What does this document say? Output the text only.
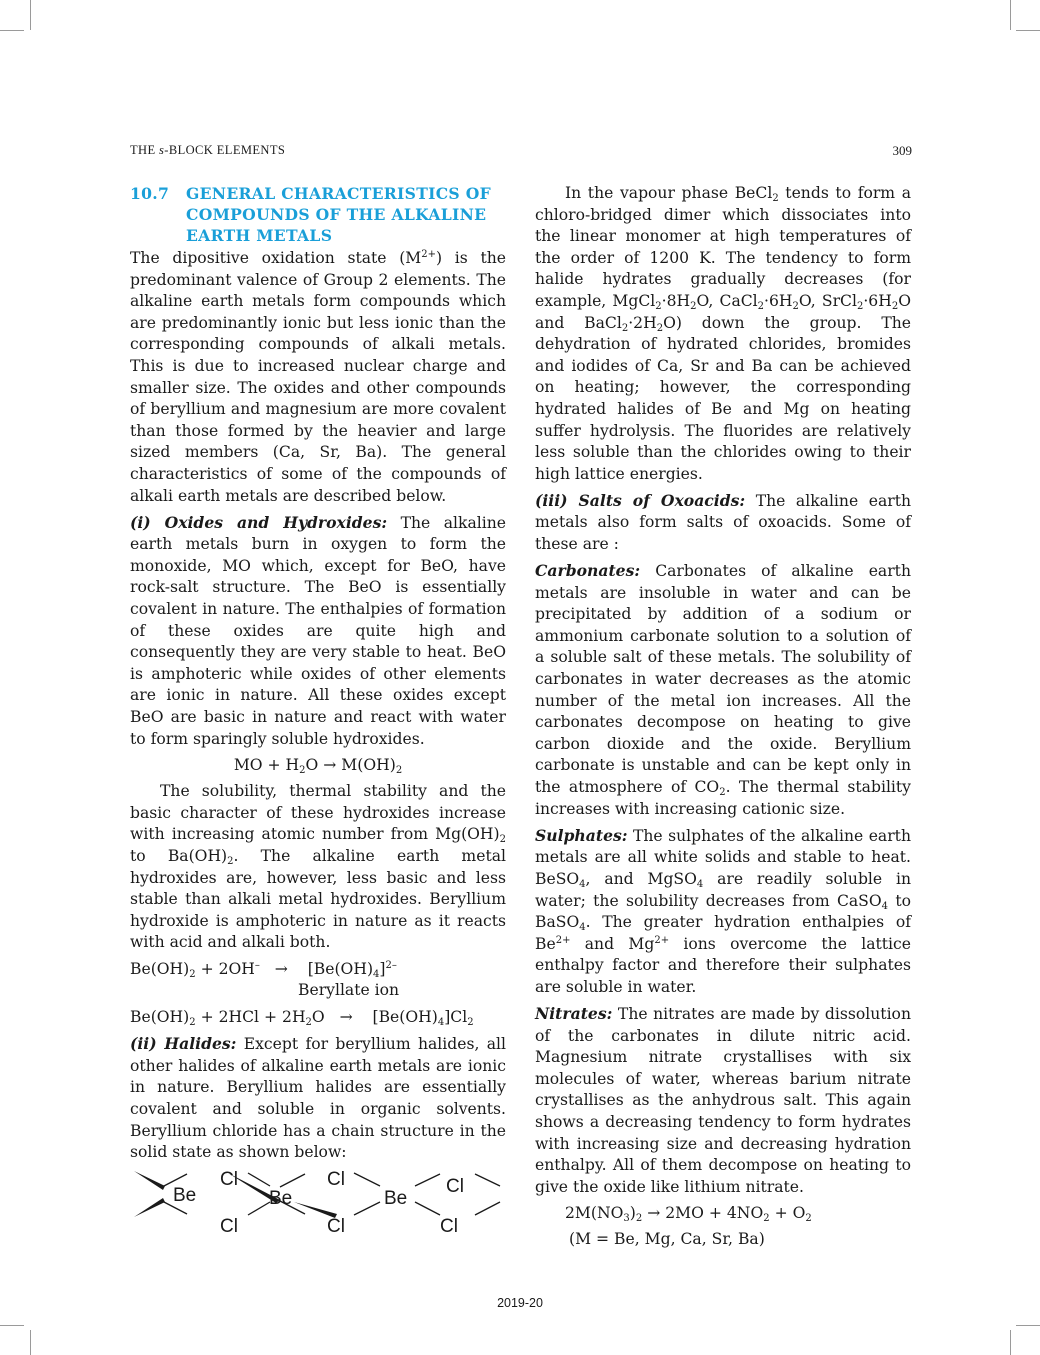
THE s-BLOCK ELEMENTS	309
10.7	GENERAL CHARACTERISTICS OF COMPOUNDS OF THE ALKALINE EARTH METALS

The dipositive oxidation state $(M^{2+})$ is the predominant valence of Group 2 elements. The alkaline earth metals form compounds which are predominantly ionic but less ionic than the corresponding compounds of alkali metals. This is due to increased nuclear charge and smaller size. The oxides and other compounds of beryllium and magnesium are more covalent than those formed by the heavier and large sized members (Ca, Sr, Ba). The general characteristics of some of the compounds of alkali earth metals are described below.

(i) Oxides and Hydroxides: The alkaline earth metals burn in oxygen to form the monoxide, MO which, except for BeO, have rock-salt structure. The BeO is essentially covalent in nature. The enthalpies of formation of these oxides are quite high and consequently they are very stable to heat. BeO is amphoteric while oxides of other elements are ionic in nature. All these oxides except BeO are basic in nature and react with water to form sparingly soluble hydroxides.

MO + $H_2O \to M(OH)_2$

The solubility, thermal stability and the basic character of these hydroxides increase with increasing atomic number from $Mg(OH)_2$ to $Ba(OH)_2$. The alkaline earth metal hydroxides are, however, less basic and less stable than alkali metal hydroxides. Beryllium hydroxide is amphoteric in nature as it reacts with acid and alkali both.

$Be(OH)_2 + 2OH^- \to [Be(OH)_4]^{2-}$
Beryllate ion
$Be(OH)_2 + 2HCl + 2H_2O \to [Be(OH)_4]Cl_2$

(ii) Halides: Except for beryllium halides, all other halides of alkaline earth metals are ionic in nature. Beryllium halides are essentially covalent and soluble in organic solvents. Beryllium chloride has a chain structure in the solid state as shown below:

Be
Cl
Cl
Be
Cl
Cl
Be
Cl
Cl

In the vapour phase BeCl$_2$ tends to form a chloro-bridged dimer which dissociates into the linear monomer at high temperatures of the order of 1200 K. The tendency to form halide hydrates gradually decreases (for example, $MgCl_2\cdot 8H_2O$, $CaCl_2\cdot 6H_2O$, $SrCl_2\cdot 6H_2O$ and $BaCl_2\cdot 2H_2O$) down the group. The dehydration of hydrated chlorides, bromides and iodides of Ca, Sr and Ba can be achieved on heating; however, the corresponding hydrated halides of Be and Mg on heating suffer hydrolysis. The fluorides are relatively less soluble than the chlorides owing to their high lattice energies.

(iii) Salts of Oxoacids: The alkaline earth metals also form salts of oxoacids. Some of these are :

Carbonates: Carbonates of alkaline earth metals are insoluble in water and can be precipitated by addition of a sodium or ammonium carbonate solution to a solution of a soluble salt of these metals. The solubility of carbonates in water decreases as the atomic number of the metal ion increases. All the carbonates decompose on heating to give carbon dioxide and the oxide. Beryllium carbonate is unstable and can be kept only in the atmosphere of $CO_2$. The thermal stability increases with increasing cationic size.

Sulphates: The sulphates of the alkaline earth metals are all white solids and stable to heat. BeSO$_4$, and MgSO$_4$ are readily soluble in water; the solubility decreases from CaSO$_4$ to BaSO$_4$. The greater hydration enthalpies of $Be^{2+}$ and $Mg^{2+}$ ions overcome the lattice enthalpy factor and therefore their sulphates are soluble in water.

Nitrates: The nitrates are made by dissolution of the carbonates in dilute nitric acid. Magnesium nitrate crystallises with six molecules of water, whereas barium nitrate crystallises as the anhydrous salt. This again shows a decreasing tendency to form hydrates with increasing size and decreasing hydration enthalpy. All of them decompose on heating to give the oxide like lithium nitrate.

$2M(NO_3)_2 \to 2MO + 4NO_2 + O_2$
(M = Be, Mg, Ca, Sr, Ba)
2019-20
